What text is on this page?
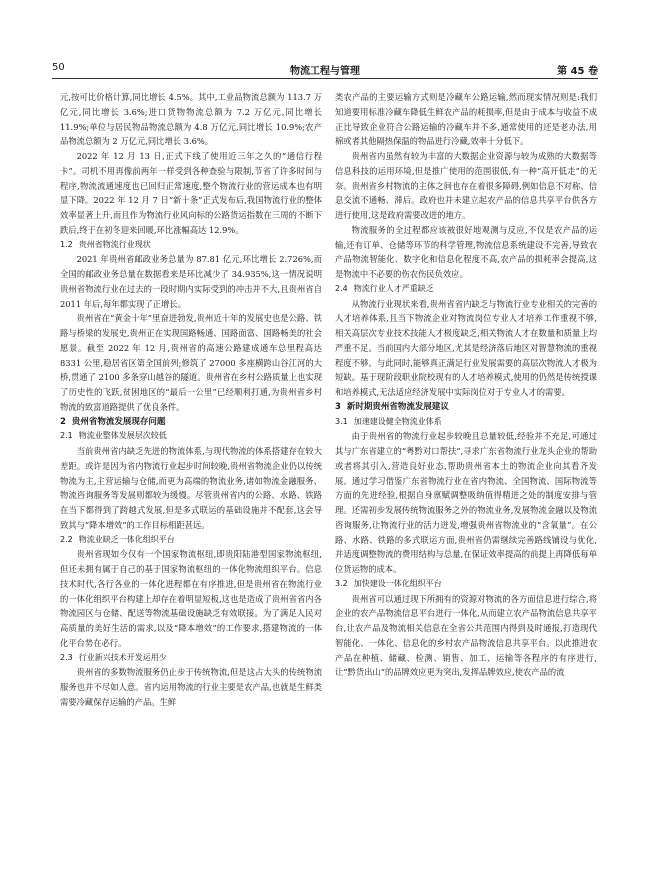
50	物流工程与管理	第 45 卷

元,按可比价格计算,同比增长 4.5%。其中,工业品物流总额为 113.7 万亿元,同比增长 3.6%;进口货物物流总额为 7.2 万亿元,同比增长 11.9%;单位与居民物品物流总额为 4.8 万亿元,同比增长 10.9%;农产品物流总额为 2 万亿元,同比增长 3.6%。

2022 年 12 月 13 日,正式下线了使用近三年之久的“通信行程卡”。司机不用再像前两年一样受到各种查验与限制,节省了许多时间与程序,物流流通速度也已回归正常速度,整个物流行业的营运成本也有明显下降。2022 年 12 月 7 日“新十条”正式发布后,我国物流行业的整体效率显著上升,而且作为物流行业风向标的公路货运指数在三周的不断下跌后,终于在初冬迎来回暖,环比涨幅高达 12.9%。

1.2 贵州省物流行业现状

2021 年贵州省邮政业务总量为 87.81 亿元,环比增长 2.726%,而全国的邮政业务总量在数据看来是环比减少了 34.935%,这一情况说明贵州省物流行业在过去的一段时期内实际受到的冲击并不大,且贵州省自 2011 年后,每年都实现了正增长。

贵州省在“黄金十年”里奋进勃发,贵州近十年的发展史也是公路、铁路与桥梁的发展史,贵州正在实现国路畅通、国路面富、国路畅美的社会愿景。截至 2022 年 12 月,贵州省的高速公路建成通车总里程高达 8331 公里,稳居省区第全国前列;修筑了 27000 多座横跨山谷江河的大桥,贯通了 2100 多条穿山越谷的隧道。贵州省在乡村公路质量上也实现了历史性的飞跃,贫困地区的“最后一公里”已经顺利打通,为贵州省乡村物流的致富道路提供了优良条件。

2 贵州省物流发展现存问题
2.1 物流业整体发展层次较低

当前贵州省内缺乏先进的物流体系,与现代物流的体系搭建存在较大差距。或许是因为省内物流行业起步时间较晚,贵州省物流企业仍以传统物流为主,主营运输与仓储,而更为高端的物流业务,诸如物流金融服务、物流咨询服务等发展则都较为缓慢。尽管贵州省内的公路、水路、铁路在当下都得到了跨越式发展,但是多式联运的基础设施并不配套,这会导致其与“降本增效”的工作目标相距甚远。

2.2 物流业缺乏一体化组织平台

贵州省现如今仅有一个国家物流枢纽,即贵阳陆港型国家物流枢纽,但还未拥有属于自己的基于国家物流枢纽的一体化物流组织平台。信息技术时代,各行各业的一体化进程都在有序推进,但是贵州省在物流行业的一体化组织平台构建上却存在着明显短板,这也是造成了贵州省省内各物流园区与仓储、配送等物流基础设施缺乏有效联接。为了满足人民对高质量的美好生活的需求,以及“降本增效”的工作要求,搭建物流的一体化平台势在必行。

2.3 行业新兴技术开发运用少

贵州省的多数物流服务仍止步于传统物流,但是这占大头的传统物流服务也并不尽如人意。省内运用物流的行业主要是农产品,也就是生鲜类需要冷藏保存运输的产品。生鲜

类农产品的主要运输方式则是冷藏车公路运输,然而现实情况则是:我们知道要用标准冷藏车降低生鲜农产品的耗损率,但是由于成本与收益不成正比导致企业符合公路运输的冷藏车并不多,通常使用的还是老办法,用棉或者其他隔热保温的物品进行冷藏,效率十分低下。

贵州省内虽然有较为丰富的大数据企业资源与较为成熟的大数据等信息科技的运用环境,但是推广使用的范围很低,有一种“高开低走”的无奈。贵州省乡村物流的主体之间也存在着很多障碍,例如信息不对称、信息交流不通畅、滞后。政府也并未建立起农产品的信息共享平台供各方进行使用,这是政府需要改进的地方。

物流服务的全过程都应该被很好地观测与反应,不仅是农产品的运输,还有订单、仓储等环节的科学管理,物流信息系统建设不完善,导致农产品物流智能化、数字化和信息化程度不高,农产品的损耗率会提高,这是物流中不必要的伤农伤民负效应。

2.4 物流行业人才严重缺乏

从物流行业现状来看,贵州省省内缺乏与物流行业专业相关的完善的人才培养体系,且当下物流企业对物流岗位专业人才培养工作重视不够,相关高层次专业技术技能人才极度缺乏,相关物流人才在数量和质量上均严重不足。当前国内大部分地区,尤其是经济落后地区对智慧物流的重视程度不够。与此同时,能够真正满足行业发展需要的高层次物流人才极为短缺。基于现阶段职业院校现有的人才培养模式,使用的仍然是传统授课和培养模式,无法适应经济发展中实际岗位对于专业人才的需要。

3 新时期贵州省物流发展建议
3.1 加速建设健全物流业体系

由于贵州省的物流行业起步较晚且总量较低,经验并不充足,可通过其与广东省建立的“粤黔对口帮扶”,寻求广东省物流行业龙头企业的帮助或者将其引入,营造良好业态,帮助贵州省本土的物流企业向其看齐发展。通过学习借鉴广东省物流行业在省内物流、全国物流、国际物流等方面的先进经验,根据自身禀赋调整吸纳值得精进之处的制度安排与管理。还需初步发展传统物流服务之外的物流业务,发展物流金融以及物流咨询服务,让物流行业的活力迸发,增强贵州省物流业的“含氧量”。在公路、水路、铁路的多式联运方面,贵州省仍需继续完善路线铺设与优化,并适度调整物流的费用结构与总量,在保证效率提高的前提上再降低每单位货运物的成本。

3.2 加快建设一体化组织平台

贵州省可以通过现下所拥有的资源对物流的各方面信息进行综合,将企业的农产品物流信息平台进行一体化,从而建立农产品物流信息共享平台,让农产品及物流相关信息在全省公共范围内得到及时通报,打造现代智能化、一体化、信息化的乡村农产品物流信息共享平台。以此推进农产品在种植、储藏、检测、销售、加工、运输等各程序的有序进行,让“黔货出山”的品牌效应更为突出,发挥品牌效应,使农产品的流
